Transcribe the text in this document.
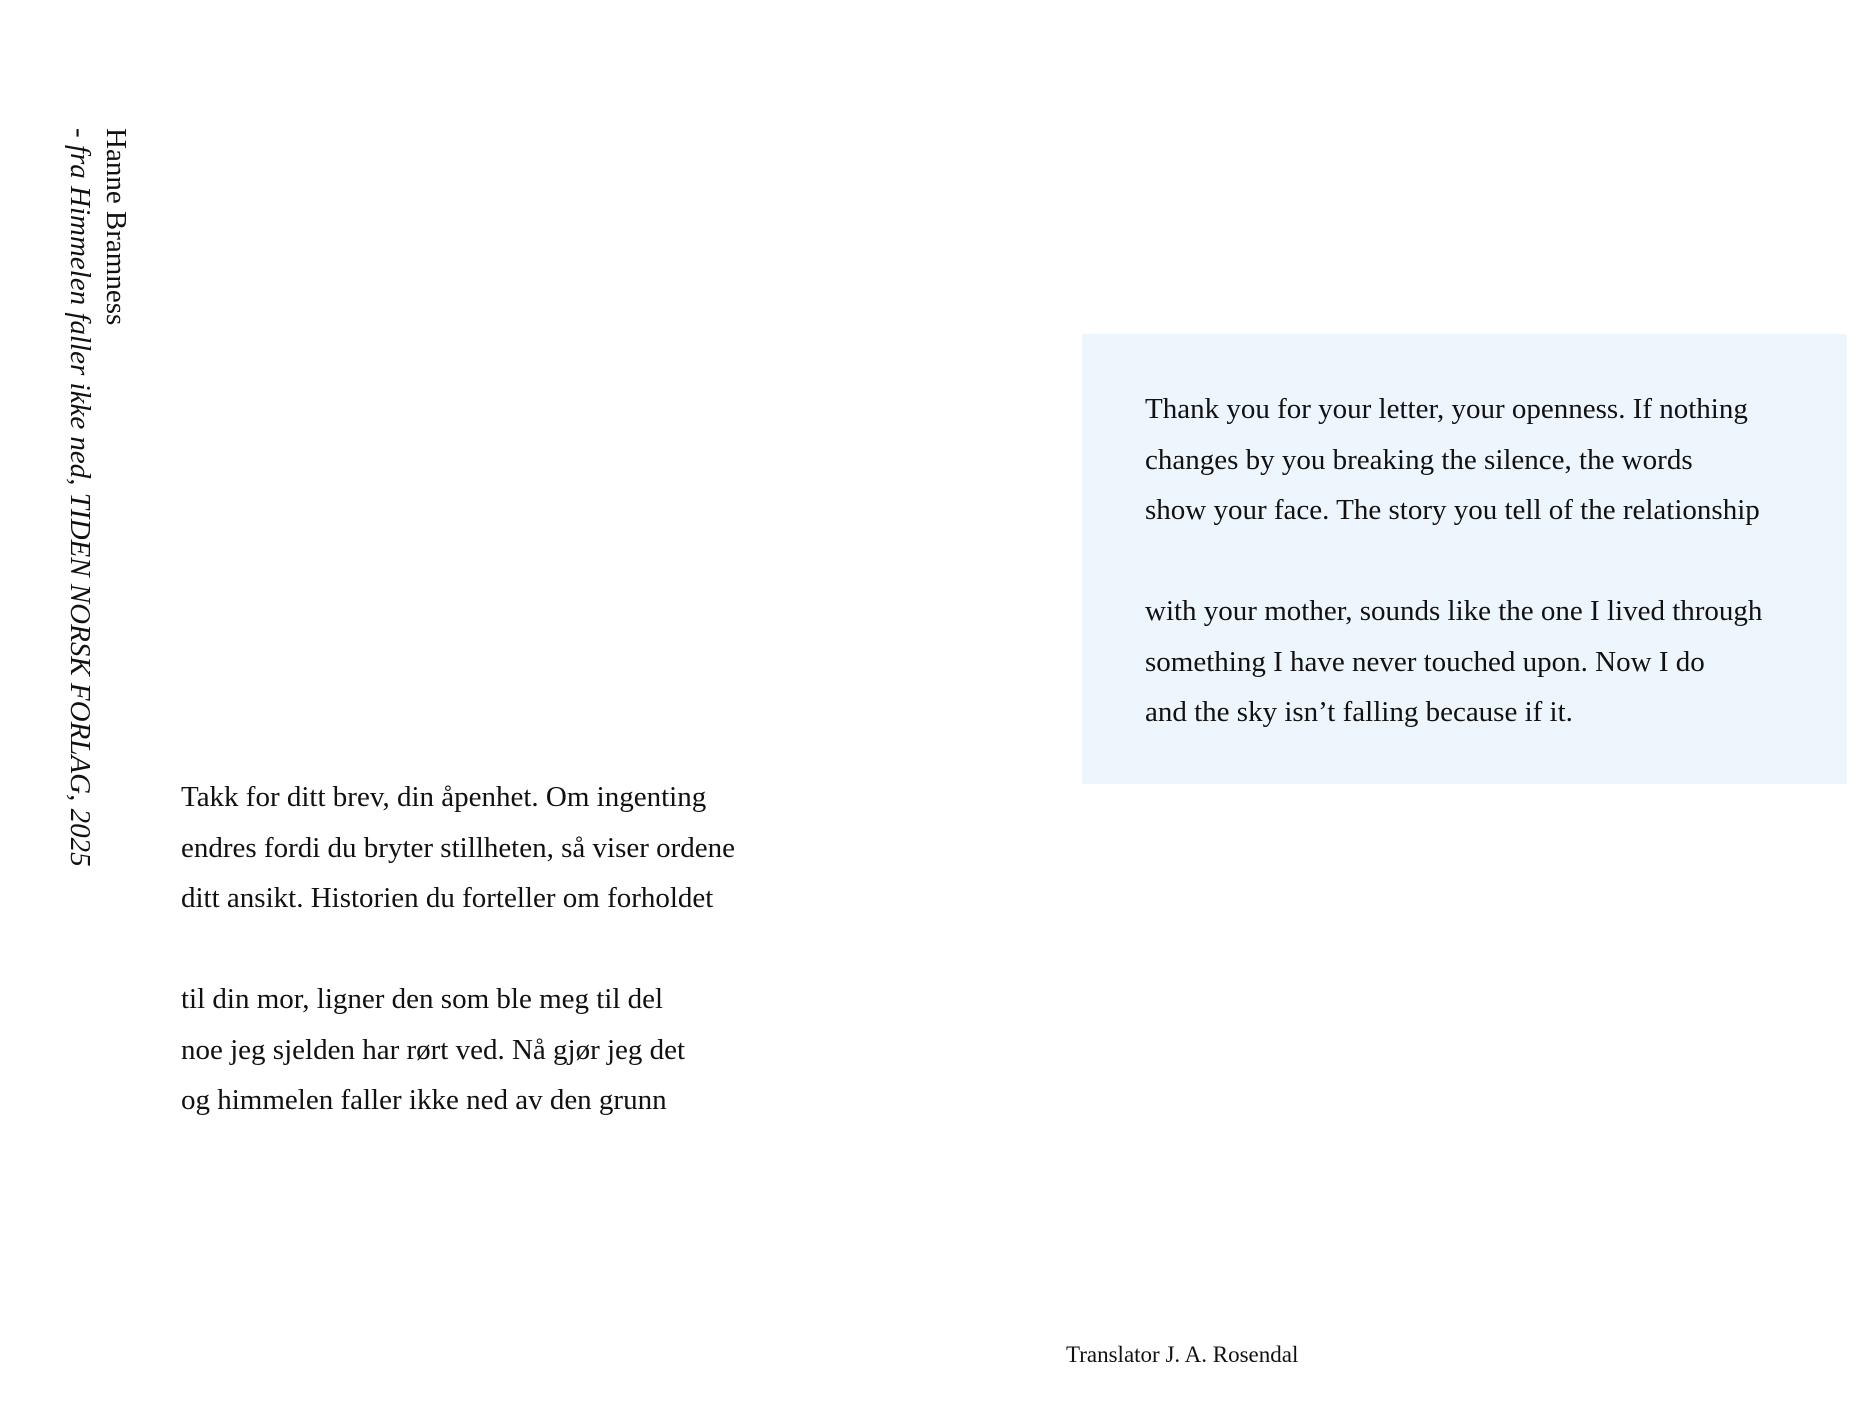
Hanne Bramness
- fra Himmelen faller ikke ned, TIDEN NORSK FORLAG, 2025	Takk for ditt brev, din åpenhet. Om ingenting
endres fordi du bryter stillheten, så viser ordene
ditt ansikt. Historien du forteller om forholdet

til din mor, ligner den som ble meg til del
noe jeg sjelden har rørt ved. Nå gjør jeg det
og himmelen faller ikke ned av den grunn

Thank you for your letter, your openness. If nothing
changes by you breaking the silence, the words
show your face. The story you tell of the relationship

with your mother, sounds like the one I lived through
something I have never touched upon. Now I do
and the sky isn’t falling because if it.

Translator J. A. Rosendal
